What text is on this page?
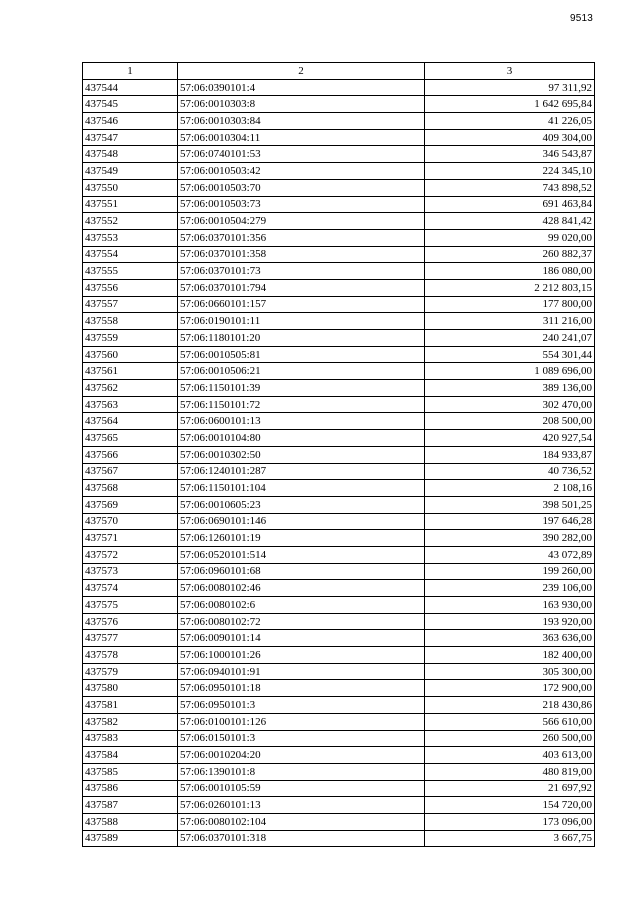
9513
1	2	3
437544	57:06:0390101:4	97 311,92
437545	57:06:0010303:8	1 642 695,84
437546	57:06:0010303:84	41 226,05
437547	57:06:0010304:11	409 304,00
437548	57:06:0740101:53	346 543,87
437549	57:06:0010503:42	224 345,10
437550	57:06:0010503:70	743 898,52
437551	57:06:0010503:73	691 463,84
437552	57:06:0010504:279	428 841,42
437553	57:06:0370101:356	99 020,00
437554	57:06:0370101:358	260 882,37
437555	57:06:0370101:73	186 080,00
437556	57:06:0370101:794	2 212 803,15
437557	57:06:0660101:157	177 800,00
437558	57:06:0190101:11	311 216,00
437559	57:06:1180101:20	240 241,07
437560	57:06:0010505:81	554 301,44
437561	57:06:0010506:21	1 089 696,00
437562	57:06:1150101:39	389 136,00
437563	57:06:1150101:72	302 470,00
437564	57:06:0600101:13	208 500,00
437565	57:06:0010104:80	420 927,54
437566	57:06:0010302:50	184 933,87
437567	57:06:1240101:287	40 736,52
437568	57:06:1150101:104	2 108,16
437569	57:06:0010605:23	398 501,25
437570	57:06:0690101:146	197 646,28
437571	57:06:1260101:19	390 282,00
437572	57:06:0520101:514	43 072,89
437573	57:06:0960101:68	199 260,00
437574	57:06:0080102:46	239 106,00
437575	57:06:0080102:6	163 930,00
437576	57:06:0080102:72	193 920,00
437577	57:06:0090101:14	363 636,00
437578	57:06:1000101:26	182 400,00
437579	57:06:0940101:91	305 300,00
437580	57:06:0950101:18	172 900,00
437581	57:06:0950101:3	218 430,86
437582	57:06:0100101:126	566 610,00
437583	57:06:0150101:3	260 500,00
437584	57:06:0010204:20	403 613,00
437585	57:06:1390101:8	480 819,00
437586	57:06:0010105:59	21 697,92
437587	57:06:0260101:13	154 720,00
437588	57:06:0080102:104	173 096,00
437589	57:06:0370101:318	3 667,75
